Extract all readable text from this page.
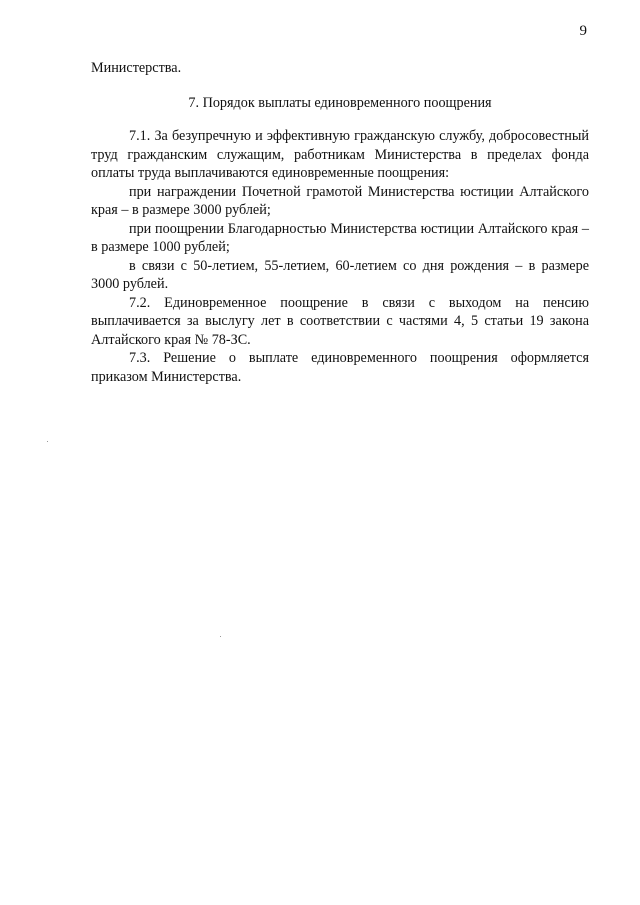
9
Министерства.
7. Порядок выплаты единовременного поощрения

7.1. За безупречную и эффективную гражданскую службу, добросовестный труд гражданским служащим, работникам Министерства в пределах фонда оплаты труда выплачиваются единовременные поощрения:

при награждении Почетной грамотой Министерства юстиции Алтайского края – в размере 3000 рублей;

при поощрении Благодарностью Министерства юстиции Алтайского края – в размере 1000 рублей;

в связи с 50-летием, 55-летием, 60-летием со дня рождения – в размере 3000 рублей.

7.2. Единовременное поощрение в связи с выходом на пенсию выплачивается за выслугу лет в соответствии с частями 4, 5 статьи 19 закона Алтайского края № 78-ЗС.

7.3. Решение о выплате единовременного поощрения оформляется приказом Министерства.
